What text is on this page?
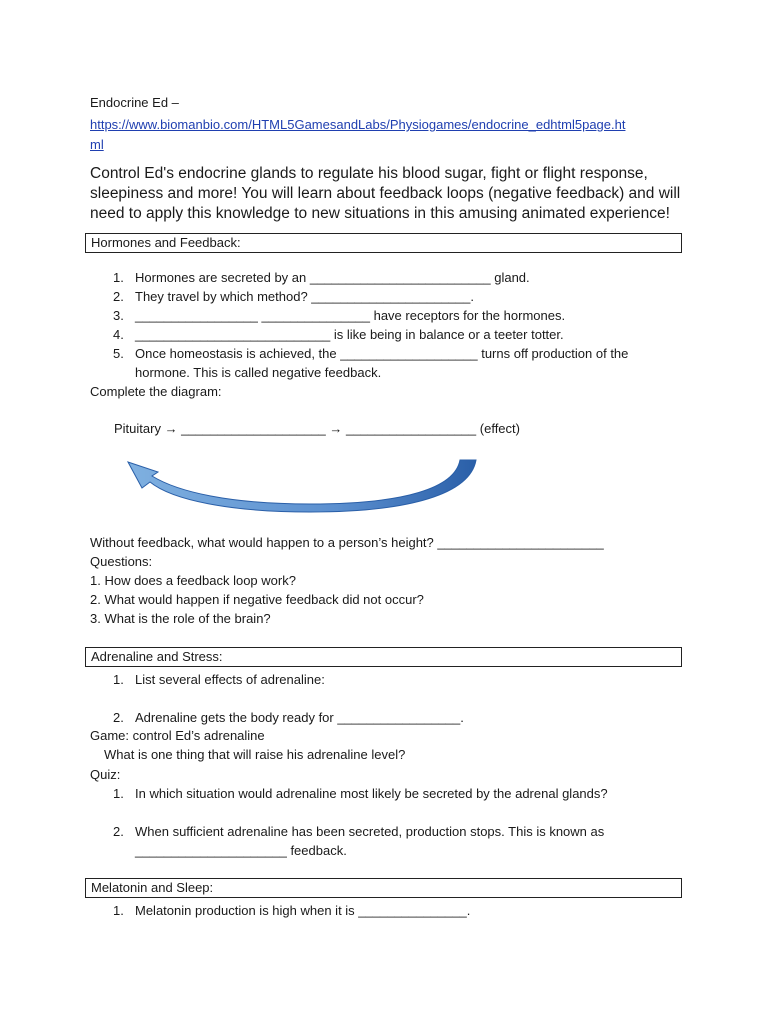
Endocrine Ed –
https://www.biomanbio.com/HTML5GamesandLabs/Physiogames/endocrine_edhtml5page.ht
ml
Control Ed's endocrine glands to regulate his blood sugar, fight or flight response, sleepiness and more! You will learn about feedback loops (negative feedback) and will need to apply this knowledge to new situations in this amusing animated experience!
Hormones and Feedback:
1. Hormones are secreted by an _________________________ gland.
2. They travel by which method? ______________________.
3. _________________ _______________ have receptors for the hormones.
4. ___________________________ is like being in balance or a teeter totter.
5. Once homeostasis is achieved, the ___________________ turns off production of the
hormone. This is called negative feedback.
Complete the diagram:
Pituitary → ____________________ → __________________ (effect)
Without feedback, what would happen to a person’s height? _______________________
Questions:
1. How does a feedback loop work?
2. What would happen if negative feedback did not occur?
3. What is the role of the brain?
Adrenaline and Stress:
1. List several effects of adrenaline:
2. Adrenaline gets the body ready for _________________.
Game: control Ed’s adrenaline
What is one thing that will raise his adrenaline level?
Quiz:
1. In which situation would adrenaline most likely be secreted by the adrenal glands?
2. When sufficient adrenaline has been secreted, production stops. This is known as
_____________________ feedback.
Melatonin and Sleep:
1. Melatonin production is high when it is _______________.
